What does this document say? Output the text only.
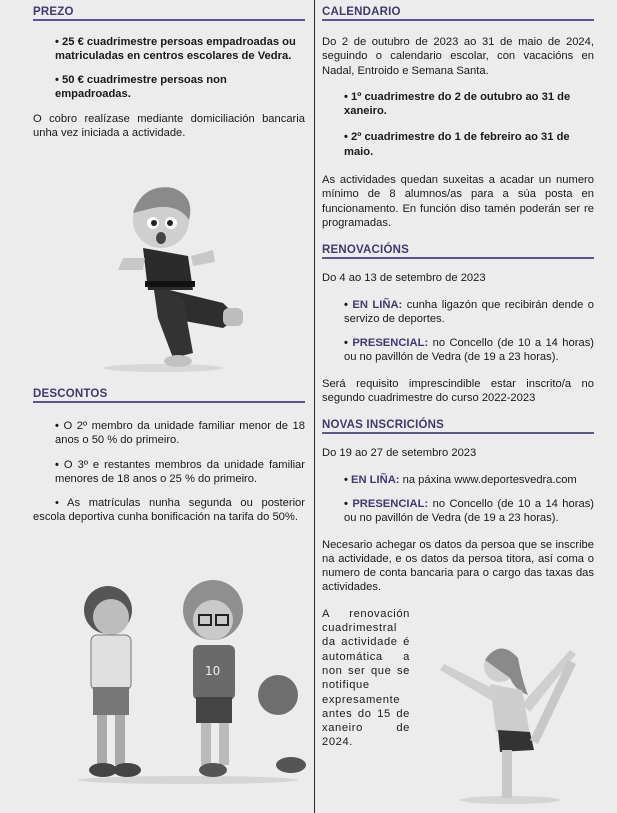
PREZO
• 25 € cuadrimestre persoas empadroadas ou matriculadas en centros escolares de Vedra.
• 50 € cuadrimestre persoas non empadroadas.
O cobro realízase mediante domiciliación bancaria unha vez iniciada a actividade.
DESCONTOS
• O 2º membro da unidade familiar menor de 18 anos o 50 % do primeiro.
• O 3º e restantes membros da unidade familiar menores de 18 anos o 25 % do primeiro.
• As matrículas nunha segunda ou posterior escola deportiva cunha bonificación na tarifa do 50%.
10
CALENDARIO
Do 2 de outubro de 2023 ao 31 de maio de 2024, seguindo o calendario escolar, con vacacións en Nadal, Entroido e Semana Santa.
• 1º cuadrimestre do 2 de outubro ao 31 de xaneiro.
• 2º cuadrimestre do 1 de febreiro ao 31 de maio.
As actividades quedan suxeitas a acadar un numero mínimo de 8 alumnos/as para a súa posta en funcionamento. En función diso tamén poderán ser re programadas.
RENOVACIÓNS
Do 4 ao 13 de setembro de 2023
• EN LIÑA: cunha ligazón que recibirán dende o servizo de deportes.
• PRESENCIAL: no Concello (de 10 a 14 horas) ou no pavillón de Vedra (de 19 a 23 horas).
Será requisito imprescindible estar inscrito/a no segundo cuadrimestre do curso 2022-2023
NOVAS INSCRICIÓNS
Do 19 ao 27 de setembro 2023
• EN LIÑA: na páxina www.deportesvedra.com
• PRESENCIAL: no Concello (de 10 a 14 horas) ou no pavillón de Vedra (de 19 a 23 horas).
Necesario achegar os datos da persoa que se inscribe na actividade, e os datos da persoa titora, así coma o numero de conta bancaria para o cargo das taxas das actividades.
A renovación cuadrimestral da actividade é automática a non ser que se notifique expresamente antes do 15 de xaneiro de 2024.
